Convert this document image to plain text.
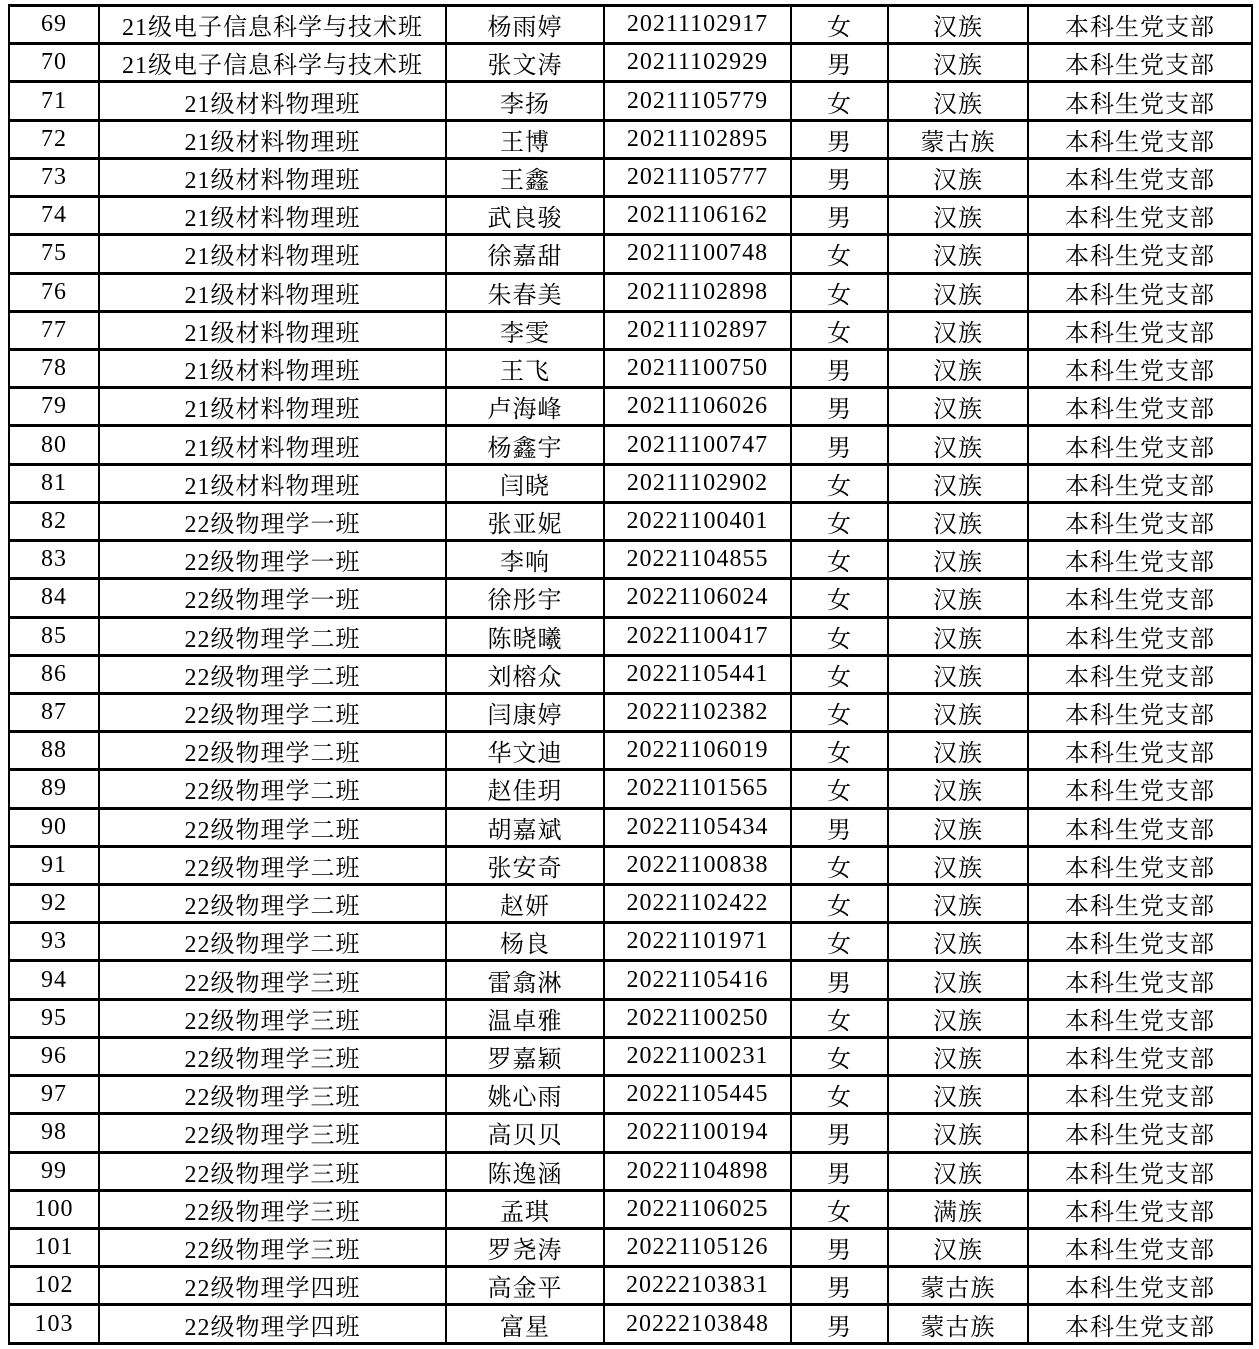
69	21级电子信息科学与技术班	杨雨婷	20211102917	女	汉族	本科生党支部
70	21级电子信息科学与技术班	张文涛	20211102929	男	汉族	本科生党支部
71	21级材料物理班	李扬	20211105779	女	汉族	本科生党支部
72	21级材料物理班	王博	20211102895	男	蒙古族	本科生党支部
73	21级材料物理班	王鑫	20211105777	男	汉族	本科生党支部
74	21级材料物理班	武良骏	20211106162	男	汉族	本科生党支部
75	21级材料物理班	徐嘉甜	20211100748	女	汉族	本科生党支部
76	21级材料物理班	朱春美	20211102898	女	汉族	本科生党支部
77	21级材料物理班	李雯	20211102897	女	汉族	本科生党支部
78	21级材料物理班	王飞	20211100750	男	汉族	本科生党支部
79	21级材料物理班	卢海峰	20211106026	男	汉族	本科生党支部
80	21级材料物理班	杨鑫宇	20211100747	男	汉族	本科生党支部
81	21级材料物理班	闫晓	20211102902	女	汉族	本科生党支部
82	22级物理学一班	张亚妮	20221100401	女	汉族	本科生党支部
83	22级物理学一班	李响	20221104855	女	汉族	本科生党支部
84	22级物理学一班	徐彤宇	20221106024	女	汉族	本科生党支部
85	22级物理学二班	陈晓曦	20221100417	女	汉族	本科生党支部
86	22级物理学二班	刘榕众	20221105441	女	汉族	本科生党支部
87	22级物理学二班	闫康婷	20221102382	女	汉族	本科生党支部
88	22级物理学二班	华文迪	20221106019	女	汉族	本科生党支部
89	22级物理学二班	赵佳玥	20221101565	女	汉族	本科生党支部
90	22级物理学二班	胡嘉斌	20221105434	男	汉族	本科生党支部
91	22级物理学二班	张安奇	20221100838	女	汉族	本科生党支部
92	22级物理学二班	赵妍	20221102422	女	汉族	本科生党支部
93	22级物理学二班	杨良	20221101971	女	汉族	本科生党支部
94	22级物理学三班	雷翕淋	20221105416	男	汉族	本科生党支部
95	22级物理学三班	温卓雅	20221100250	女	汉族	本科生党支部
96	22级物理学三班	罗嘉颖	20221100231	女	汉族	本科生党支部
97	22级物理学三班	姚心雨	20221105445	女	汉族	本科生党支部
98	22级物理学三班	高贝贝	20221100194	男	汉族	本科生党支部
99	22级物理学三班	陈逸涵	20221104898	男	汉族	本科生党支部
100	22级物理学三班	孟琪	20221106025	女	满族	本科生党支部
101	22级物理学三班	罗尧涛	20221105126	男	汉族	本科生党支部
102	22级物理学四班	高金平	20222103831	男	蒙古族	本科生党支部
103	22级物理学四班	富星	20222103848	男	蒙古族	本科生党支部
